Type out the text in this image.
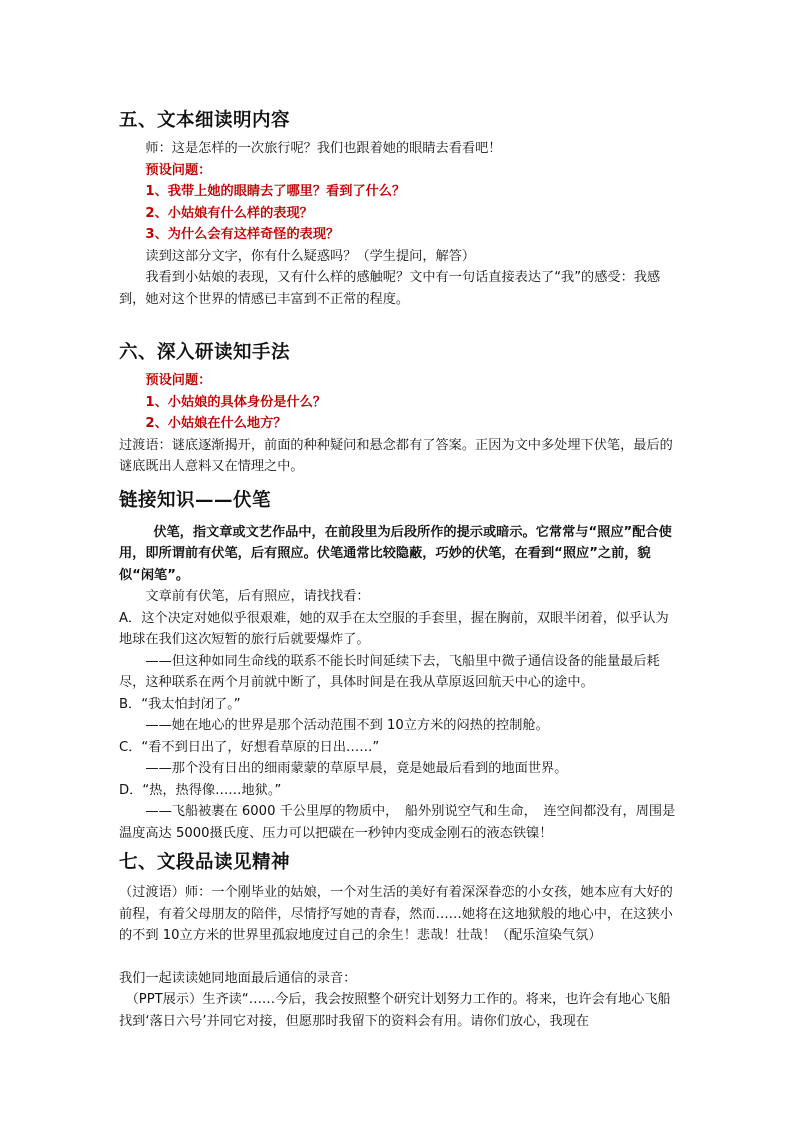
五、文本细读明内容

师：这是怎样的一次旅行呢？我们也跟着她的眼睛去看看吧！

预设问题：

1、我带上她的眼睛去了哪里？看到了什么？

2、小姑娘有什么样的表现？

3、为什么会有这样奇怪的表现？

读到这部分文字，你有什么疑惑吗？（学生提问，解答）

我看到小姑娘的表现，又有什么样的感触呢？文中有一句话直接表达了“我”的感受：我感到，她对这个世界的情感已丰富到不正常的程度。

六、深入研读知手法

预设问题：

1、小姑娘的具体身份是什么？

2、小姑娘在什么地方？

过渡语：谜底逐渐揭开，前面的种种疑问和悬念都有了答案。正因为文中多处埋下伏笔，最后的谜底既出人意料又在情理之中。

链接知识——伏笔

伏笔，指文章或文艺作品中，在前段里为后段所作的提示或暗示。它常常与“照应”配合使用，即所谓前有伏笔，后有照应。伏笔通常比较隐蔽，巧妙的伏笔，在看到“照应”之前，貌似“闲笔”。

文章前有伏笔，后有照应，请找找看：

A．这个决定对她似乎很艰难，她的双手在太空服的手套里，握在胸前，双眼半闭着，似乎认为地球在我们这次短暂的旅行后就要爆炸了。

——但这种如同生命线的联系不能长时间延续下去，飞船里中微子通信设备的能量最后耗尽，这种联系在两个月前就中断了，具体时间是在我从草原返回航天中心的途中。

B．“我太怕封闭了。”

——她在地心的世界是那个活动范围不到 10立方米的闷热的控制舱。

C．“看不到日出了，好想看草原的日出……”

——那个没有日出的细雨蒙蒙的草原早晨，竟是她最后看到的地面世界。

D．“热，热得像……地狱。”

——飞船被裹在 6000 千公里厚的物质中，　船外别说空气和生命，　连空间都没有，周围是温度高达 5000摄氏度、压力可以把碳在一秒钟内变成金刚石的液态铁镍！

七、文段品读见精神

（过渡语）师：一个刚毕业的姑娘，一个对生活的美好有着深深眷恋的小女孩，她本应有大好的前程，有着父母朋友的陪伴，尽情抒写她的青春，然而……她将在这地狱般的地心中，在这狭小的不到 10立方米的世界里孤寂地度过自己的余生！悲哉！壮哉！（配乐渲染气氛）

我们一起读读她同地面最后通信的录音：

（PPT展示）生齐读“……今后，我会按照整个研究计划努力工作的。将来，也许会有地心飞船找到‘落日六号’并同它对接，但愿那时我留下的资料会有用。请你们放心，我现在
